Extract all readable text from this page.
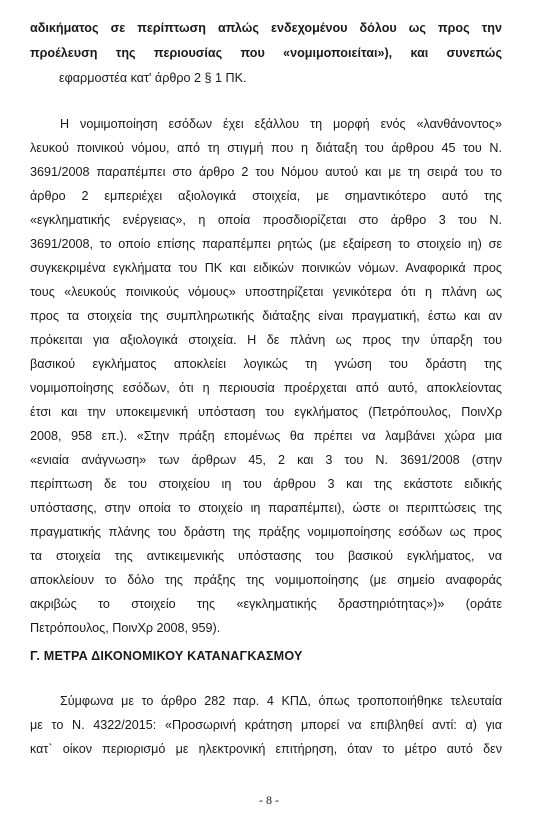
αδικήματος σε περίπτωση απλώς ενδεχομένου δόλου ως προς την
προέλευση της περιουσίας που «νομιμοποιείται»), και συνεπώς
εφαρμοστέα κατ' άρθρο 2 § 1 ΠΚ.
Η νομιμοποίηση εσόδων έχει εξάλλου τη μορφή ενός «λανθάνοντος»
λευκού ποινικού νόμου, από τη στιγμή που η διάταξη του άρθρου 45 του Ν.
3691/2008 παραπέμπει στο άρθρο 2 του Νόμου αυτού και με τη σειρά του το
άρθρο 2 εμπεριέχει αξιολογικά στοιχεία, με σημαντικότερο αυτό της
«εγκληματικής ενέργειας», η οποία προσδιορίζεται στο άρθρο 3 του Ν.
3691/2008, το οποίο επίσης παραπέμπει ρητώς (με εξαίρεση το στοιχείο ιη) σε
συγκεκριμένα εγκλήματα του ΠΚ και ειδικών ποινικών νόμων. Αναφορικά προς
τους «λευκούς ποινικούς νόμους» υποστηρίζεται γενικότερα ότι η πλάνη ως
προς τα στοιχεία της συμπληρωτικής διάταξης είναι πραγματική, έστω και αν
πρόκειται για αξιολογικά στοιχεία. Η δε πλάνη ως προς την ύπαρξη του
βασικού εγκλήματος αποκλείει λογικώς τη γνώση του δράστη της
νομιμοποίησης εσόδων, ότι η περιουσία προέρχεται από αυτό, αποκλείοντας
έτσι και την υποκειμενική υπόσταση του εγκλήματος (Πετρόπουλος, ΠοινΧρ
2008, 958 επ.). «Στην πράξη επομένως θα πρέπει να λαμβάνει χώρα μια
«ενιαία ανάγνωση» των άρθρων 45, 2 και 3 του Ν. 3691/2008 (στην
περίπτωση δε του στοιχείου ιη του άρθρου 3 και της εκάστοτε ειδικής
υπόστασης, στην οποία το στοιχείο ιη παραπέμπει), ώστε οι περιπτώσεις της
πραγματικής πλάνης του δράστη της πράξης νομιμοποίησης εσόδων ως προς
τα στοιχεία της αντικειμενικής υπόστασης του βασικού εγκλήματος, να
αποκλείουν το δόλο της πράξης της νομιμοποίησης (με σημείο αναφοράς
ακριβώς το στοιχείο της «εγκληματικής δραστηριότητας»)» (οράτε
Πετρόπουλος, ΠοινΧρ 2008, 959).
Γ. ΜΕΤΡΑ ΔΙΚΟΝΟΜΙΚΟΥ ΚΑΤΑΝΑΓΚΑΣΜΟΥ
Σύμφωνα με το άρθρο 282 παρ. 4 ΚΠΔ, όπως τροποποιήθηκε τελευταία
με το Ν. 4322/2015: «Προσωρινή κράτηση μπορεί να επιβληθεί αντί: α) για
κατ` οίκον περιορισμό με ηλεκτρονική επιτήρηση, όταν το μέτρο αυτό δεν
- 8 -
